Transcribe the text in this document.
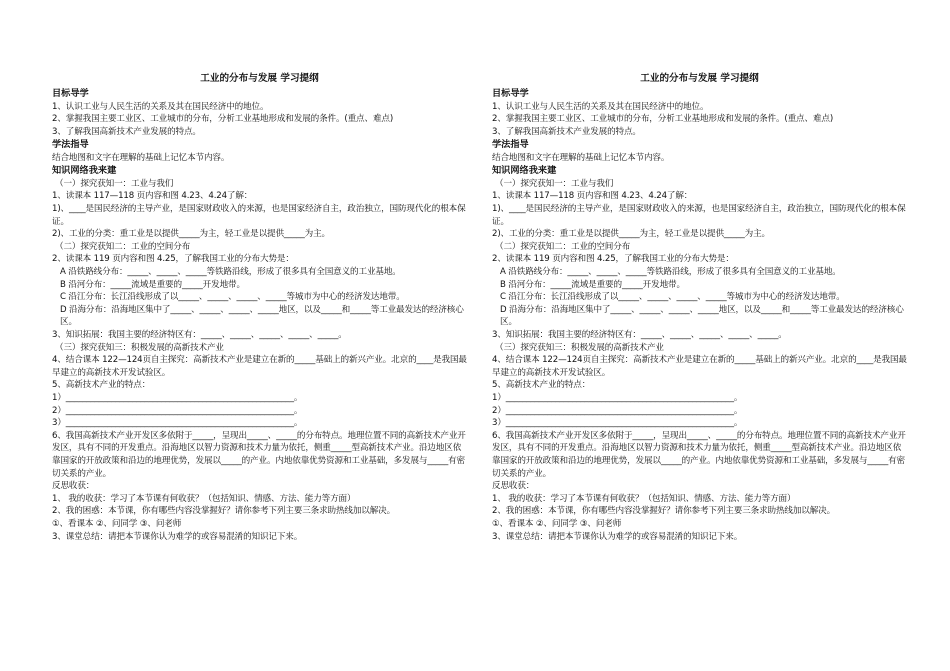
工业的分布与发展 学习提纲
目标导学
1、认识工业与人民生活的关系及其在国民经济中的地位。
2、掌握我国主要工业区、工业城市的分布，分析工业基地形成和发展的条件。(重点、难点)
3、了解我国高新技术产业发展的特点。
学法指导
结合地图和文字在理解的基础上记忆本节内容。
知识网络我来建
（一）探究获知一：工业与我们
1、读课本 117—118 页内容和图 4.23、4.24了解：
1)、____是国民经济的主导产业，是国家财政收入的来源，也是国家经济自主，政治独立，国防现代化的根本保证。
2)、工业的分类：重工业是以提供_____为主，轻工业是以提供_____为主。
（二）探究获知二：工业的空间分布
2、读课本 119 页内容和图 4.25，了解我国工业的分布大势是：
A 沿铁路线分布：_____、_____、_____等铁路沿线，形成了很多具有全国意义的工业基地。
B 沿河分布：_____流域是重要的_____开发地带。
C 沿江分布：长江沿线形成了以_____、_____、_____、_____等城市为中心的经济发达地带。
D 沿海分布：沿海地区集中了_____、_____、_____、_____地区，以及_____和_____等工业最发达的经济核心区。
3、知识拓展：我国主要的经济特区有：_____、_____、_____、_____、_____。
（三）探究获知三：积极发展的高新技术产业
4、结合课本 122—124页自主探究：高新技术产业是建立在新的_____基础上的新兴产业。北京的____是我国最早建立的高新技术开发试验区。
5、高新技术产业的特点：
1）_______________________________________________________。
2）_______________________________________________________。
3）_______________________________________________________。
6、我国高新技术产业开发区多依附于_____，呈现出_____、_____的分布特点。地理位置不同的高新技术产业开发区，具有不同的开发重点。沿海地区以智力资源和技术力量为依托，侧重_____型高新技术产业。沿边地区依靠国家的开放政策和沿边的地理优势，发展以_____的产业。内地依靠优势资源和工业基础，多发展与_____有密切关系的产业。
反思收获：
1、 我的收获：学习了本节课有何收获？（包括知识、情感、方法、能力等方面）
2、我的困惑：本节课，你有哪些内容没掌握好？请你参考下列主要三条求助热线加以解决。
①、看课本 ②、问同学 ③、问老师
3、课堂总结：请把本节课你认为难学的或容易混淆的知识记下来。
工业的分布与发展 学习提纲
目标导学
1、认识工业与人民生活的关系及其在国民经济中的地位。
2、掌握我国主要工业区、工业城市的分布，分析工业基地形成和发展的条件。(重点、难点)
3、了解我国高新技术产业发展的特点。
学法指导
结合地图和文字在理解的基础上记忆本节内容。
知识网络我来建
（一）探究获知一：工业与我们
1、读课本 117—118 页内容和图 4.23、4.24了解：
1)、____是国民经济的主导产业，是国家财政收入的来源，也是国家经济自主，政治独立，国防现代化的根本保证。
2)、工业的分类：重工业是以提供_____为主，轻工业是以提供_____为主。
（二）探究获知二：工业的空间分布
2、读课本 119 页内容和图 4.25，了解我国工业的分布大势是：
A 沿铁路线分布：_____、_____、_____等铁路沿线，形成了很多具有全国意义的工业基地。
B 沿河分布：_____流域是重要的_____开发地带。
C 沿江分布：长江沿线形成了以_____、_____、_____、_____等城市为中心的经济发达地带。
D 沿海分布：沿海地区集中了_____、_____、_____、_____地区，以及_____和_____等工业最发达的经济核心区。
3、知识拓展：我国主要的经济特区有：_____、_____、_____、_____、_____。
（三）探究获知三：积极发展的高新技术产业
4、结合课本 122—124页自主探究：高新技术产业是建立在新的_____基础上的新兴产业。北京的____是我国最早建立的高新技术开发试验区。
5、高新技术产业的特点：
1）_______________________________________________________。
2）_______________________________________________________。
3）_______________________________________________________。
6、我国高新技术产业开发区多依附于_____，呈现出_____、_____的分布特点。地理位置不同的高新技术产业开发区，具有不同的开发重点。沿海地区以智力资源和技术力量为依托，侧重_____型高新技术产业。沿边地区依靠国家的开放政策和沿边的地理优势，发展以_____的产业。内地依靠优势资源和工业基础，多发展与_____有密切关系的产业。
反思收获：
1、 我的收获：学习了本节课有何收获？（包括知识、情感、方法、能力等方面）
2、我的困惑：本节课，你有哪些内容没掌握好？请你参考下列主要三条求助热线加以解决。
①、看课本 ②、问同学 ③、问老师
3、课堂总结：请把本节课你认为难学的或容易混淆的知识记下来。
